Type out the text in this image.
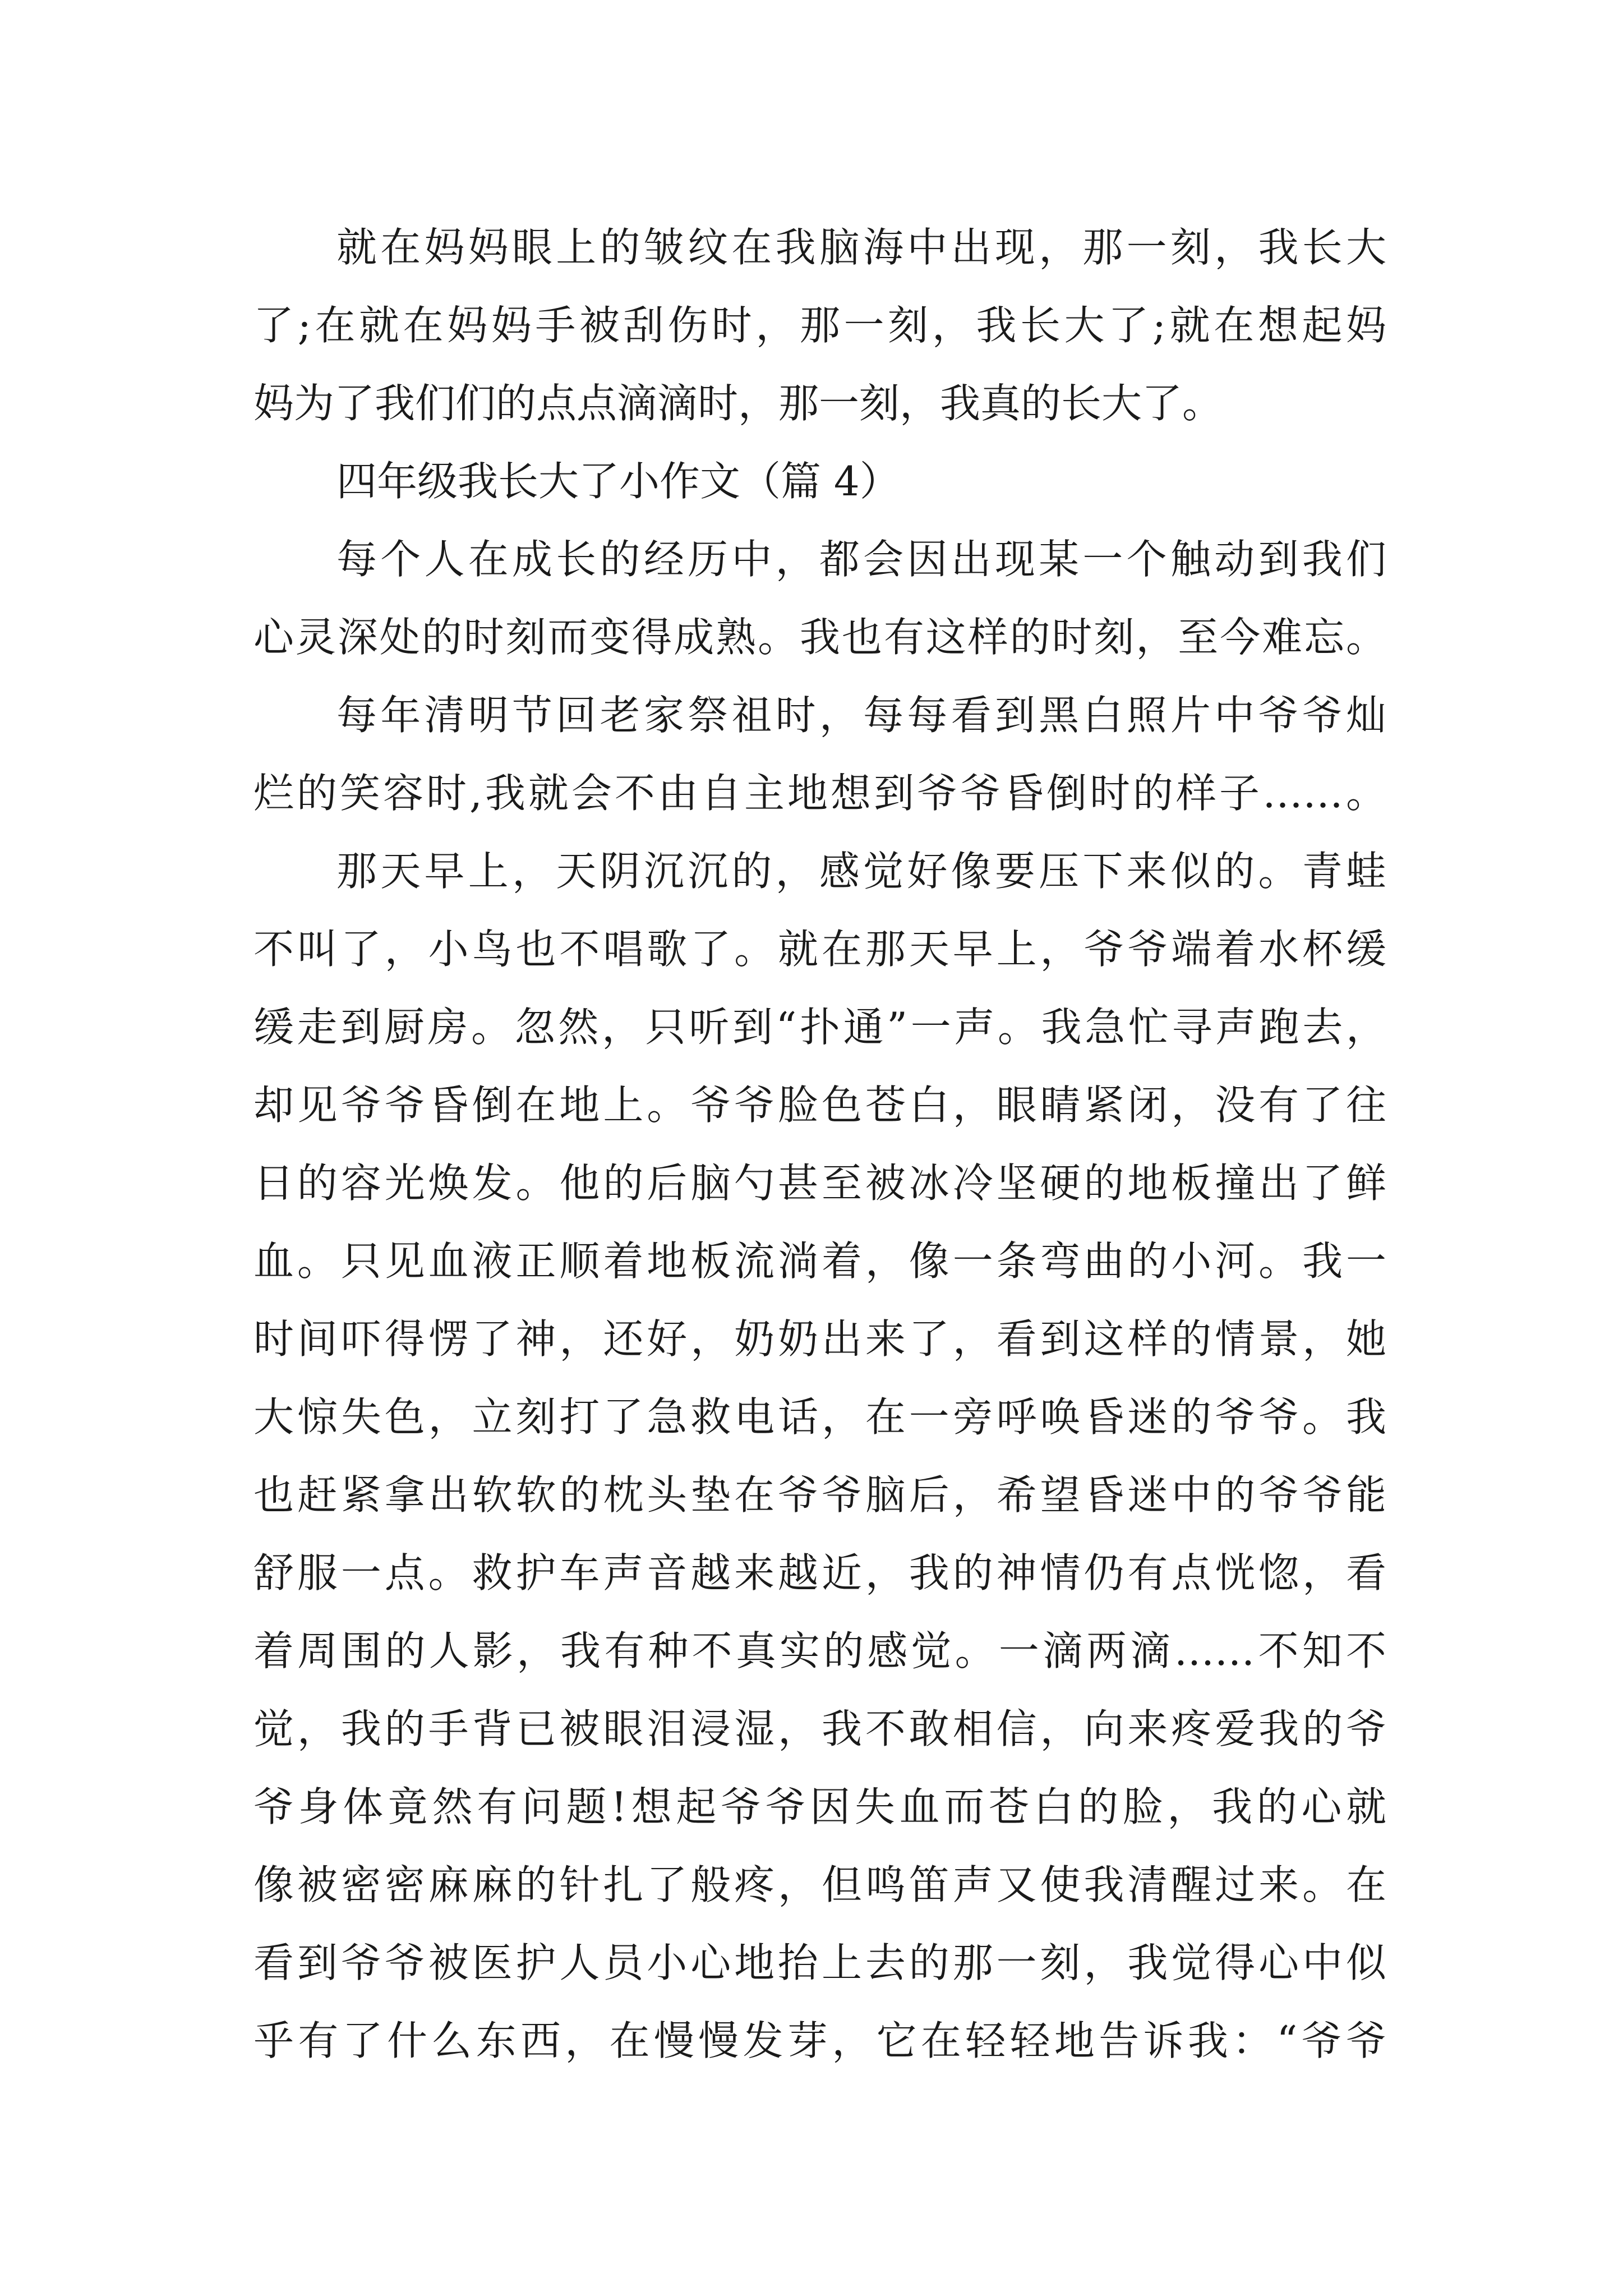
就在妈妈眼上的皱纹在我脑海中出现，那一刻，我长大
了;在就在妈妈手被刮伤时，那一刻，我长大了;就在想起妈
妈为了我们们的点点滴滴时，那一刻，我真的长大了。
四年级我长大了小作文（篇 4）
每个人在成长的经历中，都会因出现某一个触动到我们
心灵深处的时刻而变得成熟。我也有这样的时刻，至今难忘。
每年清明节回老家祭祖时，每每看到黑白照片中爷爷灿
烂的笑容时,我就会不由自主地想到爷爷昏倒时的样子……。
那天早上，天阴沉沉的，感觉好像要压下来似的。青蛙
不叫了，小鸟也不唱歌了。就在那天早上，爷爷端着水杯缓
缓走到厨房。忽然，只听到“扑通”一声。我急忙寻声跑去，
却见爷爷昏倒在地上。爷爷脸色苍白，眼睛紧闭，没有了往
日的容光焕发。他的后脑勺甚至被冰冷坚硬的地板撞出了鲜
血。只见血液正顺着地板流淌着，像一条弯曲的小河。我一
时间吓得愣了神，还好，奶奶出来了，看到这样的情景，她
大惊失色，立刻打了急救电话，在一旁呼唤昏迷的爷爷。我
也赶紧拿出软软的枕头垫在爷爷脑后，希望昏迷中的爷爷能
舒服一点。救护车声音越来越近，我的神情仍有点恍惚，看
着周围的人影，我有种不真实的感觉。一滴两滴……不知不
觉，我的手背已被眼泪浸湿，我不敢相信，向来疼爱我的爷
爷身体竟然有问题!想起爷爷因失血而苍白的脸，我的心就
像被密密麻麻的针扎了般疼，但鸣笛声又使我清醒过来。在
看到爷爷被医护人员小心地抬上去的那一刻，我觉得心中似
乎有了什么东西，在慢慢发芽，它在轻轻地告诉我：“爷爷
